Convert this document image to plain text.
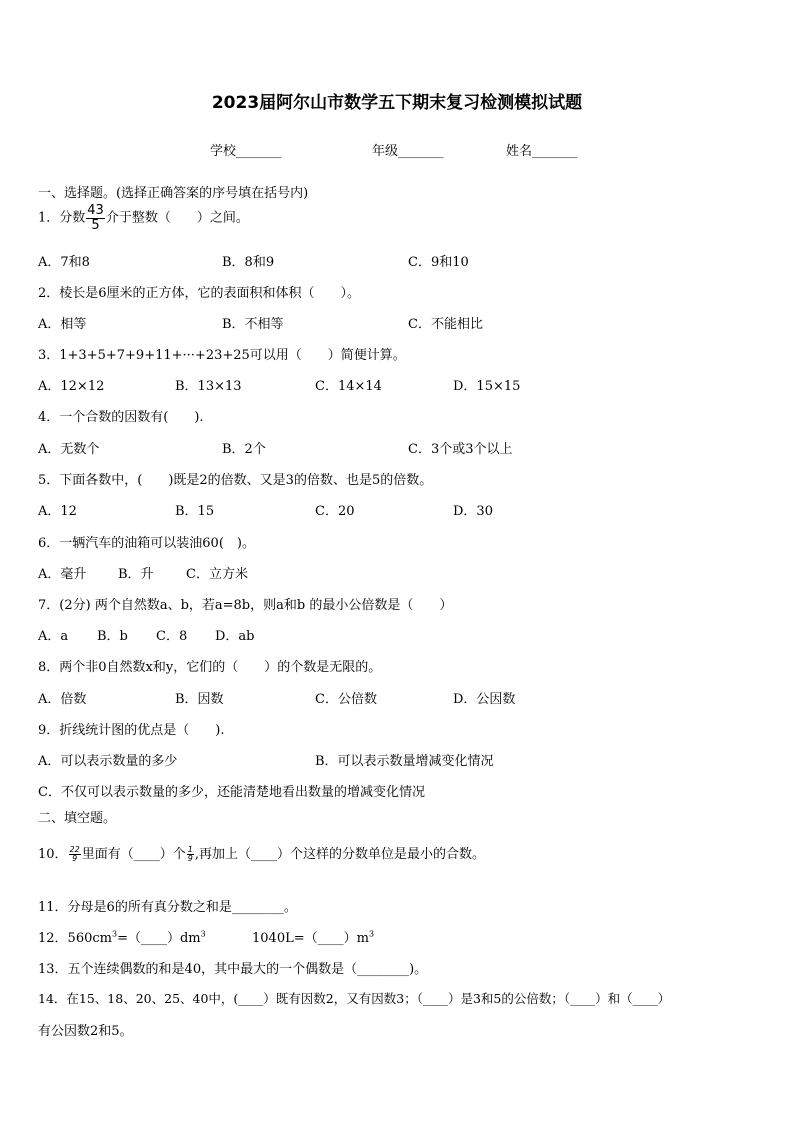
2023届阿尔山市数学五下期末复习检测模拟试题
学校_______	年级_______	姓名_______
一、选择题。(选择正确答案的序号填在括号内)
1．分数 $\frac{43}{5}$ 介于整数（　　）之间。
A．7和8	B．8和9	C．9和10
2．棱长是6厘米的正方体，它的表面积和体积（　　）。
A．相等	B．不相等	C．不能相比
3．1+3+5+7+9+11+···+23+25可以用（　　）简便计算。
A．12×12	B．13×13	C．14×14	D．15×15
4．一个合数的因数有(　　).
A．无数个	B．2个	C．3个或3个以上
5．下面各数中，(　　)既是2的倍数、又是3的倍数、也是5的倍数。
A．12	B．15	C．20	D．30
6．一辆汽车的油箱可以装油60(　)。
A．毫升 B．升 C．立方米
7．(2分) 两个自然数a、b，若a=8b，则a和b 的最小公倍数是（　　）
A．a B．b C．8 D．ab
8．两个非0自然数x和y，它们的（　　）的个数是无限的。
A．倍数	B．因数	C．公倍数	D．公因数
9．折线统计图的优点是（　　).
A．可以表示数量的多少	B．可以表示数量增减变化情况
C．不仅可以表示数量的多少，还能清楚地看出数量的增减变化情况
二、填空题。
10． $\frac{22}{9}$ 里面有（____）个 $\frac{1}{9}$ ,再加上（____）个这样的分数单位是最小的合数。
11．分母是6的所有真分数之和是________。
12．$560cm^3=(\_\_\_\_)dm^3$	$1040L=(\_\_\_\_)m^3$
13．五个连续偶数的和是40，其中最大的一个偶数是（________)。
14．在15、18、20、25、40中，(____）既有因数2，又有因数3；（____）是3和5的公倍数；（____）和（____）
有公因数2和5。
